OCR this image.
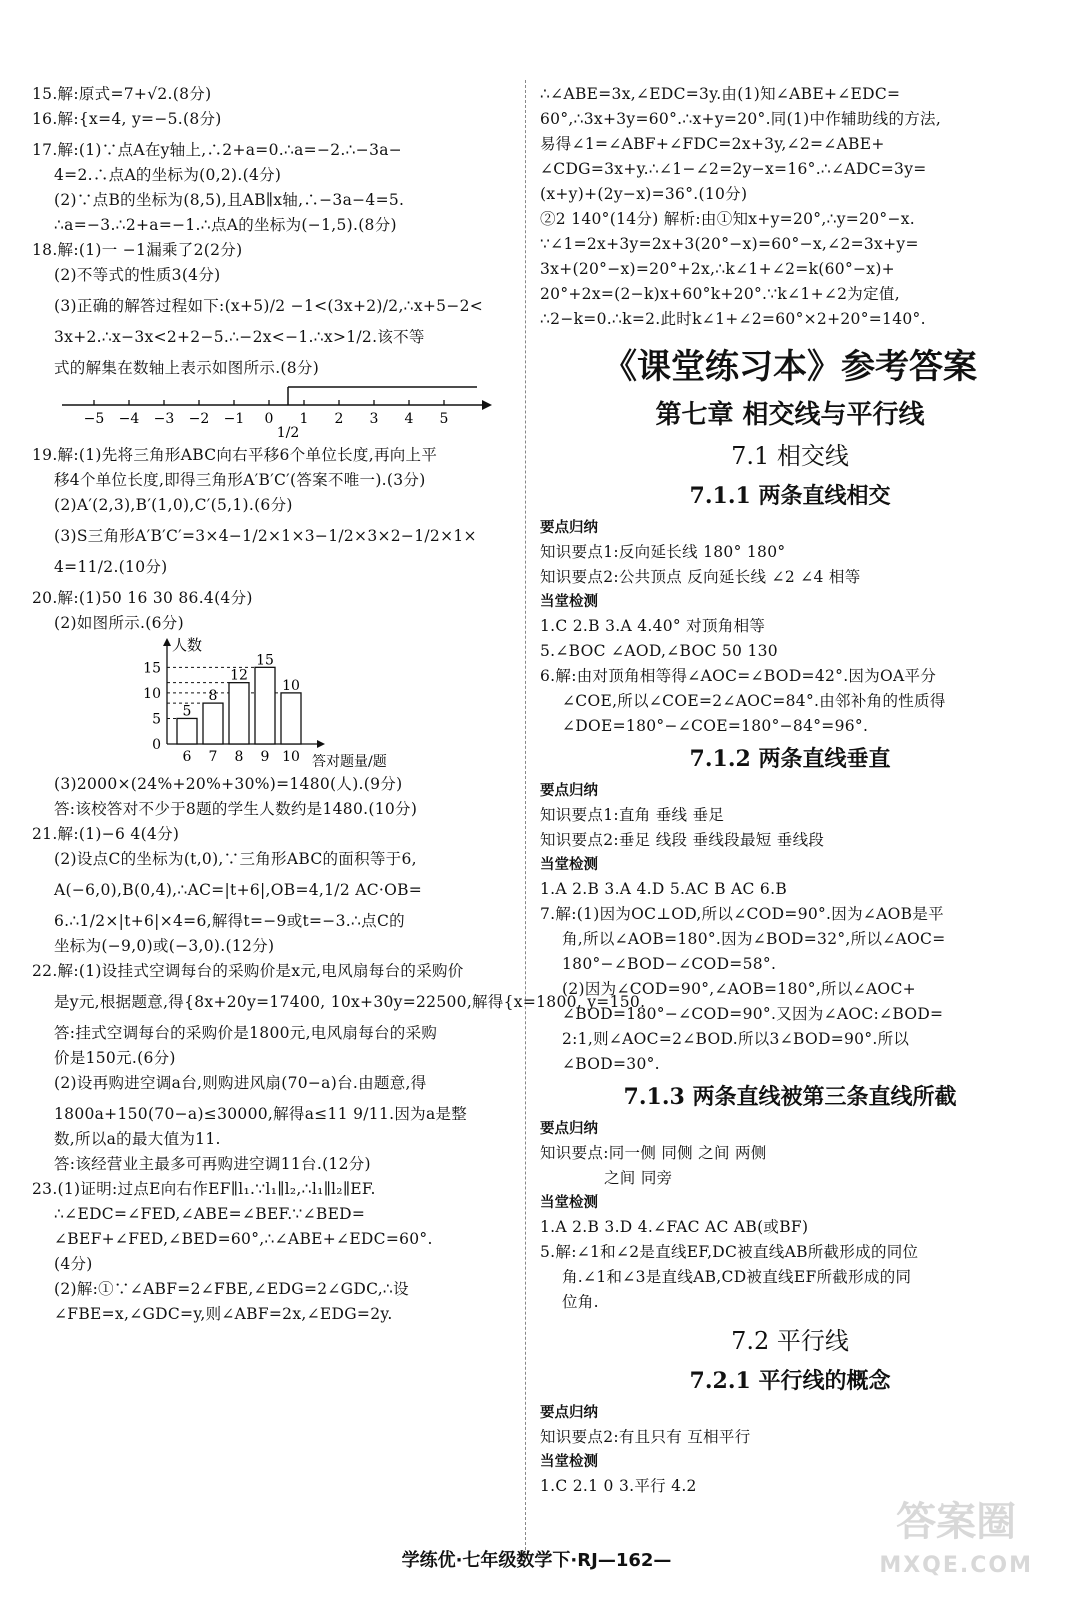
15.解:原式=7+√2.(8分)
16.解:{x=4, y=−5.(8分)
17.解:(1)∵点A在y轴上,∴2+a=0.∴a=−2.∴−3a−
4=2.∴点A的坐标为(0,2).(4分)
(2)∵点B的坐标为(8,5),且AB∥x轴,∴−3a−4=5.
∴a=−3.∴2+a=−1.∴点A的坐标为(−1,5).(8分)
18.解:(1)一 −1漏乘了2(2分)
(2)不等式的性质3(4分)
(3)正确的解答过程如下:(x+5)/2 −1<(3x+2)/2,∴x+5−2<
3x+2.∴x−3x<2+2−5.∴−2x<−1.∴x>1/2.该不等
式的解集在数轴上表示如图所示.(8分)
−5 −4 −3 −2 −1 0 1 2 3 4 5
1/2
19.解:(1)先将三角形ABC向右平移6个单位长度,再向上平
移4个单位长度,即得三角形A′B′C′(答案不唯一).(3分)
(2)A′(2,3),B′(1,0),C′(5,1).(6分)
(3)S三角形A′B′C′=3×4−1/2×1×3−1/2×3×2−1/2×1×
4=11/2.(10分)
20.解:(1)50 16 30 86.4(4分)
(2)如图所示.(6分)
5
8
12
15
10
6 7 8 9 10
0
5
10
15
人数
答对题量/题
(3)2000×(24%+20%+30%)=1480(人).(9分)
答:该校答对不少于8题的学生人数约是1480.(10分)
21.解:(1)−6 4(4分)
(2)设点C的坐标为(t,0),∵三角形ABC的面积等于6,
A(−6,0),B(0,4),∴AC=|t+6|,OB=4,1/2 AC·OB=
6.∴1/2×|t+6|×4=6,解得t=−9或t=−3.∴点C的
坐标为(−9,0)或(−3,0).(12分)
22.解:(1)设挂式空调每台的采购价是x元,电风扇每台的采购价
是y元,根据题意,得{8x+20y=17400, 10x+30y=22500,解得{x=1800, y=150.
答:挂式空调每台的采购价是1800元,电风扇每台的采购
价是150元.(6分)
(2)设再购进空调a台,则购进风扇(70−a)台.由题意,得
1800a+150(70−a)≤30000,解得a≤11 9/11.因为a是整
数,所以a的最大值为11.
答:该经营业主最多可再购进空调11台.(12分)
23.(1)证明:过点E向右作EF∥l₁.∵l₁∥l₂,∴l₁∥l₂∥EF.
∴∠EDC=∠FED,∠ABE=∠BEF.∵∠BED=
∠BEF+∠FED,∠BED=60°,∴∠ABE+∠EDC=60°.
(4分)
(2)解:①∵∠ABF=2∠FBE,∠EDG=2∠GDC,∴设
∠FBE=x,∠GDC=y,则∠ABF=2x,∠EDG=2y.
∴∠ABE=3x,∠EDC=3y.由(1)知∠ABE+∠EDC=
60°,∴3x+3y=60°.∴x+y=20°.同(1)中作辅助线的方法,
易得∠1=∠ABF+∠FDC=2x+3y,∠2=∠ABE+
∠CDG=3x+y.∴∠1−∠2=2y−x=16°.∴∠ADC=3y=
(x+y)+(2y−x)=36°.(10分)
②2 140°(14分) 解析:由①知x+y=20°,∴y=20°−x.
∵∠1=2x+3y=2x+3(20°−x)=60°−x,∠2=3x+y=
3x+(20°−x)=20°+2x,∴k∠1+∠2=k(60°−x)+
20°+2x=(2−k)x+60°k+20°.∵k∠1+∠2为定值,
∴2−k=0.∴k=2.此时k∠1+∠2=60°×2+20°=140°.
《课堂练习本》参考答案
第七章 相交线与平行线
7.1 相交线
7.1.1 两条直线相交
要点归纳
知识要点1:反向延长线 180° 180°
知识要点2:公共顶点 反向延长线 ∠2 ∠4 相等
当堂检测
1.C 2.B 3.A 4.40° 对顶角相等
5.∠BOC ∠AOD,∠BOC 50 130
6.解:由对顶角相等得∠AOC=∠BOD=42°.因为OA平分
∠COE,所以∠COE=2∠AOC=84°.由邻补角的性质得
∠DOE=180°−∠COE=180°−84°=96°.
7.1.2 两条直线垂直
要点归纳
知识要点1:直角 垂线 垂足
知识要点2:垂足 线段 垂线段最短 垂线段
当堂检测
1.A 2.B 3.A 4.D 5.AC B AC 6.B
7.解:(1)因为OC⊥OD,所以∠COD=90°.因为∠AOB是平
角,所以∠AOB=180°.因为∠BOD=32°,所以∠AOC=
180°−∠BOD−∠COD=58°.
(2)因为∠COD=90°,∠AOB=180°,所以∠AOC+
∠BOD=180°−∠COD=90°.又因为∠AOC:∠BOD=
2:1,则∠AOC=2∠BOD.所以3∠BOD=90°.所以
∠BOD=30°.
7.1.3 两条直线被第三条直线所截
要点归纳
知识要点:同一侧 同侧 之间 两侧
之间 同旁
当堂检测
1.A 2.B 3.D 4.∠FAC AC AB(或BF)
5.解:∠1和∠2是直线EF,DC被直线AB所截形成的同位
角.∠1和∠3是直线AB,CD被直线EF所截形成的同
位角.
7.2 平行线
7.2.1 平行线的概念
要点归纳
知识要点2:有且只有 互相平行
当堂检测
1.C 2.1 0 3.平行 4.2
学练优·七年级数学下·RJ—162—
答案圈
MXQE.COM
